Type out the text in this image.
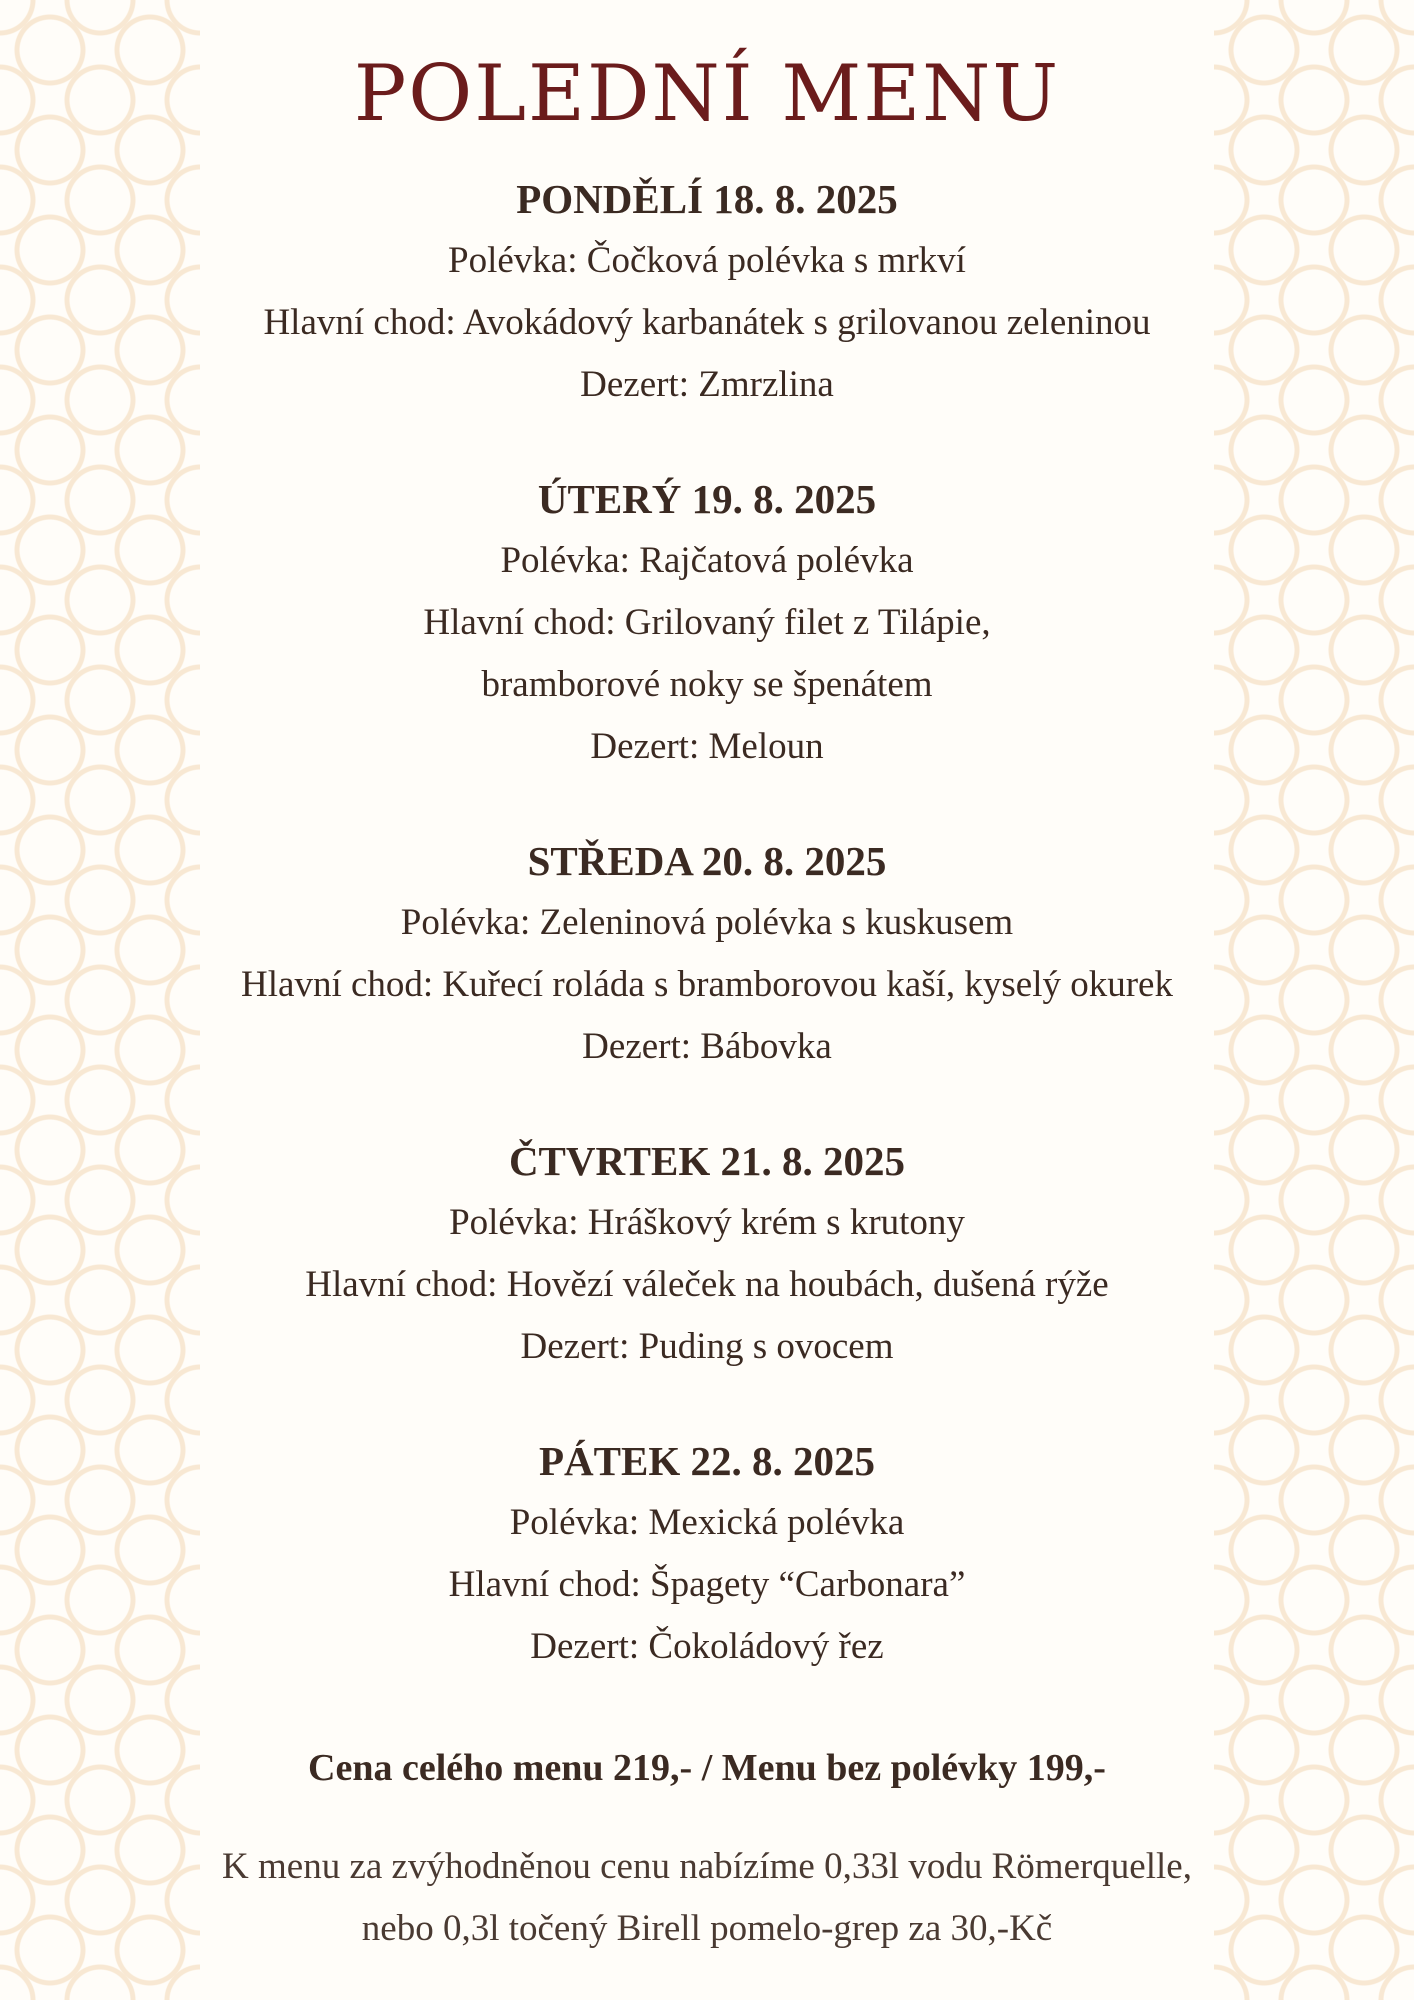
POLEDNÍ MENU

PONDĚLÍ 18. 8. 2025

Polévka: Čočková polévka s mrkví

Hlavní chod: Avokádový karbanátek s grilovanou zeleninou

Dezert: Zmrzlina

ÚTERÝ 19. 8. 2025

Polévka: Rajčatová polévka

Hlavní chod: Grilovaný filet z Tilápie,

bramborové noky se špenátem

Dezert: Meloun

STŘEDA 20. 8. 2025

Polévka: Zeleninová polévka s kuskusem

Hlavní chod: Kuřecí roláda s bramborovou kaší, kyselý okurek

Dezert: Bábovka

ČTVRTEK 21. 8. 2025

Polévka: Hráškový krém s krutony

Hlavní chod: Hovězí váleček na houbách, dušená rýže

Dezert: Puding s ovocem

PÁTEK 22. 8. 2025

Polévka: Mexická polévka

Hlavní chod: Špagety “Carbonara”

Dezert: Čokoládový řez

Cena celého menu 219,- / Menu bez polévky 199,-

K menu za zvýhodněnou cenu nabízíme 0,33l vodu Römerquelle,
nebo 0,3l točený Birell pomelo-grep za 30,-Kč
